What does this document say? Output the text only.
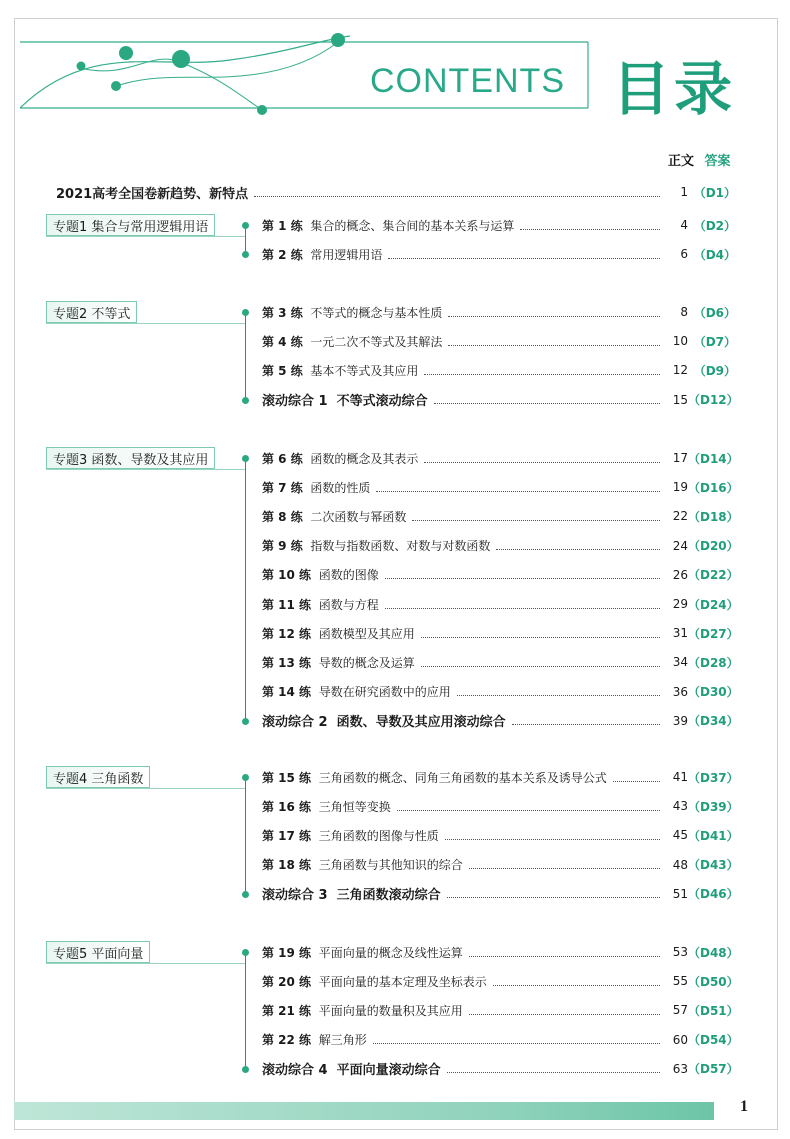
CONTENTS 目录
正文 答案
2021高考全国卷新趋势、新特点	1 （D1）
专题1 集合与常用逻辑用语	第 1 练 集合的概念、集合间的基本关系与运算	4 （D2）
第 2 练 常用逻辑用语	6 （D4）
专题2 不等式	第 3 练 不等式的概念与基本性质	8 （D6）
第 4 练 一元二次不等式及其解法	10 （D7）
第 5 练 基本不等式及其应用	12 （D9）
滚动综合 1 不等式滚动综合	15 （D12）
专题3 函数、导数及其应用	第 6 练 函数的概念及其表示	17 （D14）
第 7 练 函数的性质	19 （D16）
第 8 练 二次函数与幂函数	22 （D18）
第 9 练 指数与指数函数、对数与对数函数	24 （D20）
第 10 练 函数的图像	26 （D22）
第 11 练 函数与方程	29 （D24）
第 12 练 函数模型及其应用	31 （D27）
第 13 练 导数的概念及运算	34 （D28）
第 14 练 导数在研究函数中的应用	36 （D30）
滚动综合 2 函数、导数及其应用滚动综合	39 （D34）
专题4 三角函数	第 15 练 三角函数的概念、同角三角函数的基本关系及诱导公式	41 （D37）
第 16 练 三角恒等变换	43 （D39）
第 17 练 三角函数的图像与性质	45 （D41）
第 18 练 三角函数与其他知识的综合	48 （D43）
滚动综合 3 三角函数滚动综合	51 （D46）
专题5 平面向量	第 19 练 平面向量的概念及线性运算	53 （D48）
第 20 练 平面向量的基本定理及坐标表示	55 （D50）
第 21 练 平面向量的数量积及其应用	57 （D51）
第 22 练 解三角形	60 （D54）
滚动综合 4 平面向量滚动综合	63 （D57）
1
